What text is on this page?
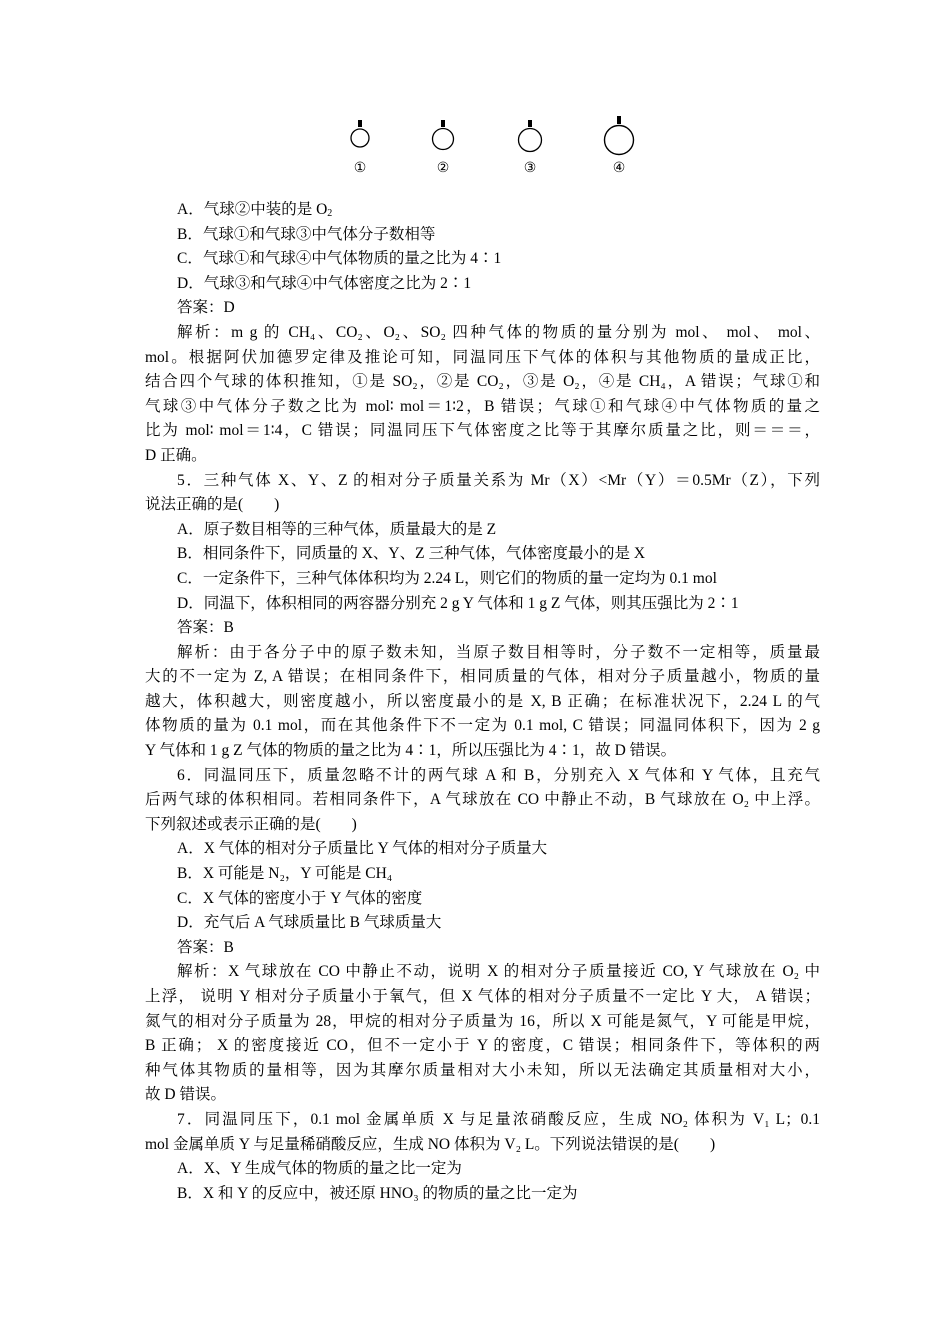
①	②	③	④
A．气球②中装的是 $O_2$
B．气球①和气球③中气体分子数相等
C．气球①和气球④中气体物质的量之比为 4∶1
D．气球③和气球④中气体密度之比为 2∶1
答案：D
解析：m g 的 CH₄、CO₂、O₂、SO₂ 四种气体的物质的量分别为 mol、 mol、 mol、
mol。根据阿伏加德罗定律及推论可知，同温同压下气体的体积与其他物质的量成正比，
结合四个气球的体积推知，①是 SO₂，②是 CO₂，③是 O₂，④是 CH₄，A 错误；气球①和
气球③中气体分子数之比为 mol∶ mol＝1∶2，B 错误；气球①和气球④中气体物质的量之
比为 mol∶ mol＝1∶4，C 错误；同温同压下气体密度之比等于其摩尔质量之比，则＝＝＝，
D 正确。
5．三种气体 X、Y、Z 的相对分子质量关系为 Mr（X）<Mr（Y）＝0.5Mr（Z），下列
说法正确的是(　　)
A．原子数目相等的三种气体，质量最大的是 Z
B．相同条件下，同质量的 X、Y、Z 三种气体，气体密度最小的是 X
C．一定条件下，三种气体体积均为 2.24 L，则它们的物质的量一定均为 0.1 mol
D．同温下，体积相同的两容器分别充 2 g Y 气体和 1 g Z 气体，则其压强比为 2∶1
答案：B
解析：由于各分子中的原子数未知，当原子数目相等时，分子数不一定相等，质量最
大的不一定为 Z, A 错误；在相同条件下，相同质量的气体，相对分子质量越小，物质的量
越大，体积越大，则密度越小，所以密度最小的是 X, B 正确；在标准状况下，2.24 L 的气
体物质的量为 0.1 mol，而在其他条件下不一定为 0.1 mol, C 错误；同温同体积下，因为 2 g
Y 气体和 1 g Z 气体的物质的量之比为 4∶1，所以压强比为 4∶1，故 D 错误。
6．同温同压下，质量忽略不计的两气球 A 和 B，分别充入 X 气体和 Y 气体，且充气
后两气球的体积相同。若相同条件下，A 气球放在 CO 中静止不动，B 气球放在 O₂ 中上浮。
下列叙述或表示正确的是(　　)
A．X 气体的相对分子质量比 Y 气体的相对分子质量大
B．X 可能是 N₂，Y 可能是 CH₄
C．X 气体的密度小于 Y 气体的密度
D．充气后 A 气球质量比 B 气球质量大
答案：B
解析：X 气球放在 CO 中静止不动，说明 X 的相对分子质量接近 CO, Y 气球放在 O₂ 中
上浮， 说明 Y 相对分子质量小于氧气，但 X 气体的相对分子质量不一定比 Y 大， A 错误；
氮气的相对分子质量为 28，甲烷的相对分子质量为 16，所以 X 可能是氮气，Y 可能是甲烷，
B 正确； X 的密度接近 CO，但不一定小于 Y 的密度，C 错误；相同条件下，等体积的两
种气体其物质的量相等，因为其摩尔质量相对大小未知，所以无法确定其质量相对大小，
故 D 错误。
7．同温同压下，0.1 mol 金属单质 X 与足量浓硝酸反应，生成 NO₂ 体积为 V₁ L；0.1
mol 金属单质 Y 与足量稀硝酸反应，生成 NO 体积为 V₂ L。下列说法错误的是(　　)
A．X、Y 生成气体的物质的量之比一定为
B．X 和 Y 的反应中，被还原 HNO₃ 的物质的量之比一定为
